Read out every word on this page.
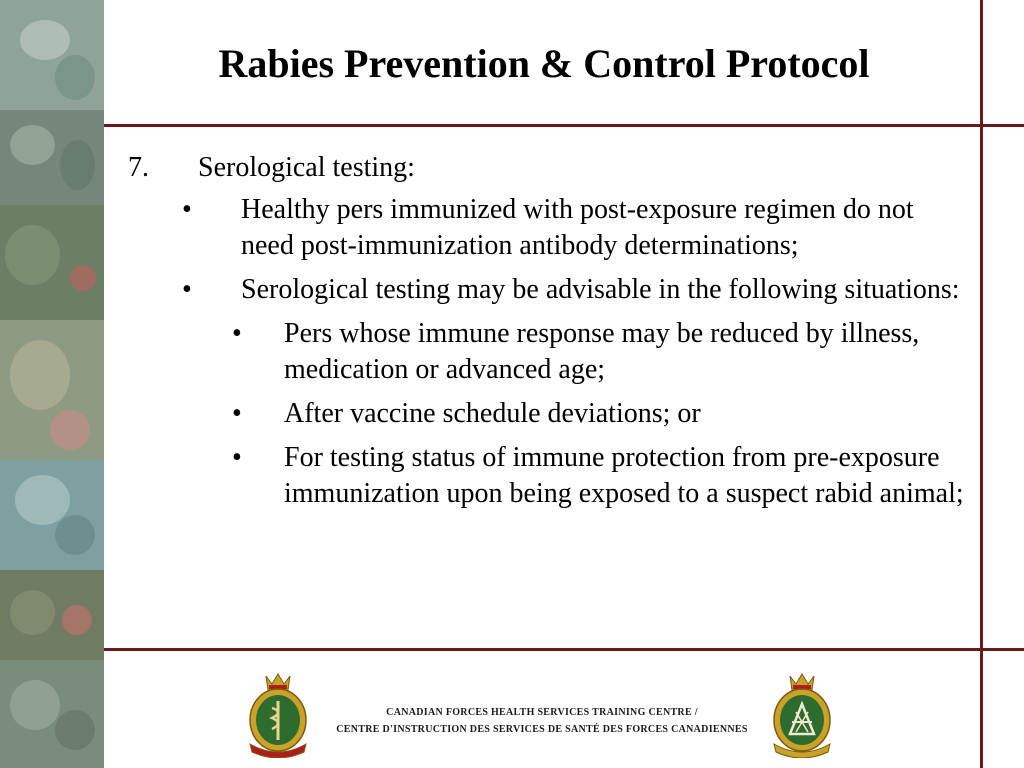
Rabies Prevention & Control Protocol
7. Serological testing:
• Healthy pers immunized with post-exposure regimen do not need post-immunization antibody determinations;
• Serological testing may be advisable in the following situations:
• Pers whose immune response may be reduced by illness, medication or advanced age;
• After vaccine schedule deviations; or
• For testing status of immune protection from pre-exposure immunization upon being exposed to a suspect rabid animal;
CANADIAN FORCES HEALTH SERVICES TRAINING CENTRE /
CENTRE D'INSTRUCTION DES SERVICES DE SANTÉ DES FORCES CANADIENNES
